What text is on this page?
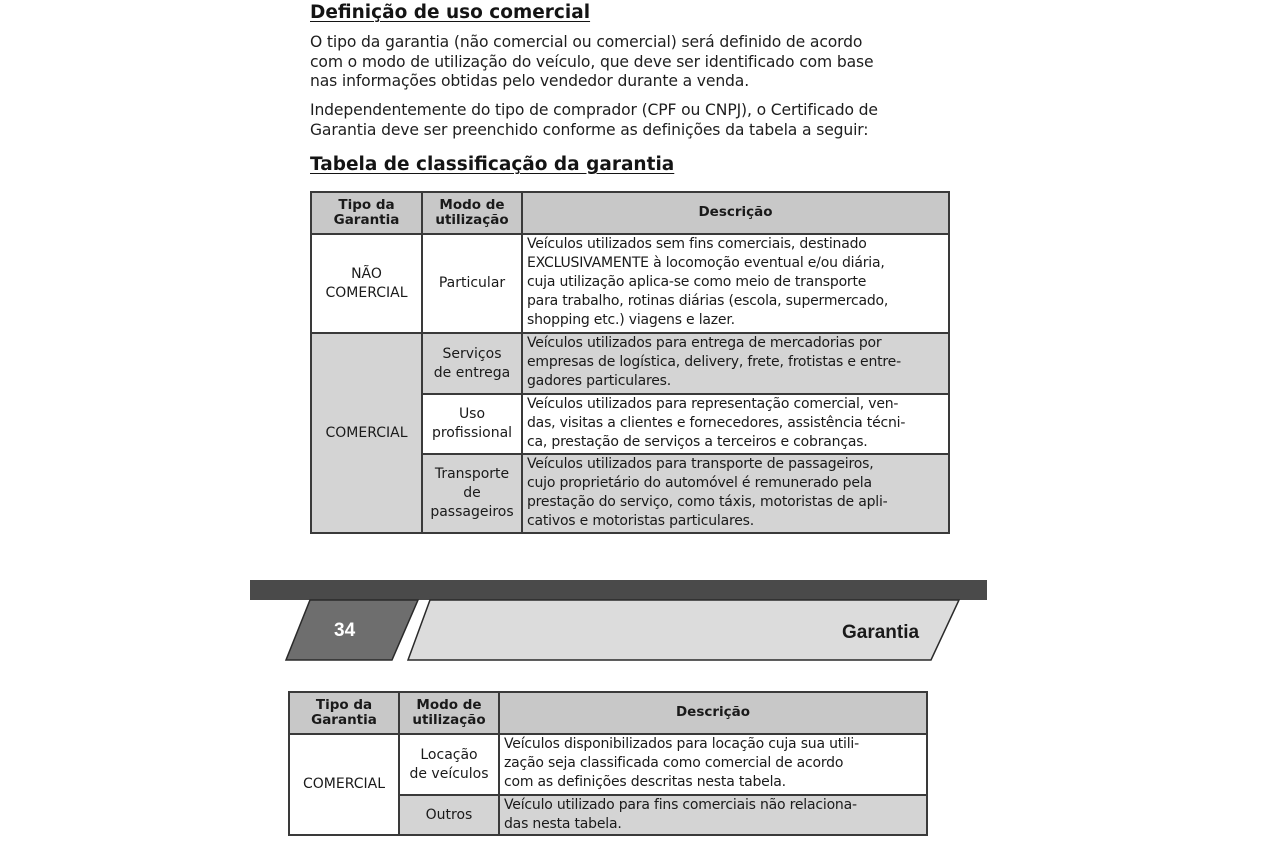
Definição de uso comercial
O tipo da garantia (não comercial ou comercial) será definido de acordo
com o modo de utilização do veículo, que deve ser identificado com base
nas informações obtidas pelo vendedor durante a venda.
Independentemente do tipo de comprador (CPF ou CNPJ), o Certificado de
Garantia deve ser preenchido conforme as definições da tabela a seguir:
Tabela de classificação da garantia
Tipo da
Garantia	Modo de
utilização	Descrição

NÃO
COMERCIAL	Particular	Veículos utilizados sem fins comerciais, destinado
EXCLUSIVAMENTE à locomoção eventual e/ou diária,
cuja utilização aplica-se como meio de transporte
para trabalho, rotinas diárias (escola, supermercado,
shopping etc.) viagens e lazer.

COMERCIAL	Serviços
de entrega	Veículos utilizados para entrega de mercadorias por
empresas de logística, delivery, frete, frotistas e entre-
gadores particulares.

	Uso
profissional	Veículos utilizados para representação comercial, ven-
das, visitas a clientes e fornecedores, assistência técni-
ca, prestação de serviços a terceiros e cobranças.

	Transporte
de
passageiros	Veículos utilizados para transporte de passageiros,
cujo proprietário do automóvel é remunerado pela
prestação do serviço, como táxis, motoristas de apli-
cativos e motoristas particulares.
34	Garantia
Tipo da
Garantia	Modo de
utilização	Descrição

COMERCIAL	Locação
de veículos	Veículos disponibilizados para locação cuja sua utili-
zação seja classificada como comercial de acordo
com as definições descritas nesta tabela.

	Outros	Veículo utilizado para fins comerciais não relaciona-
das nesta tabela.
